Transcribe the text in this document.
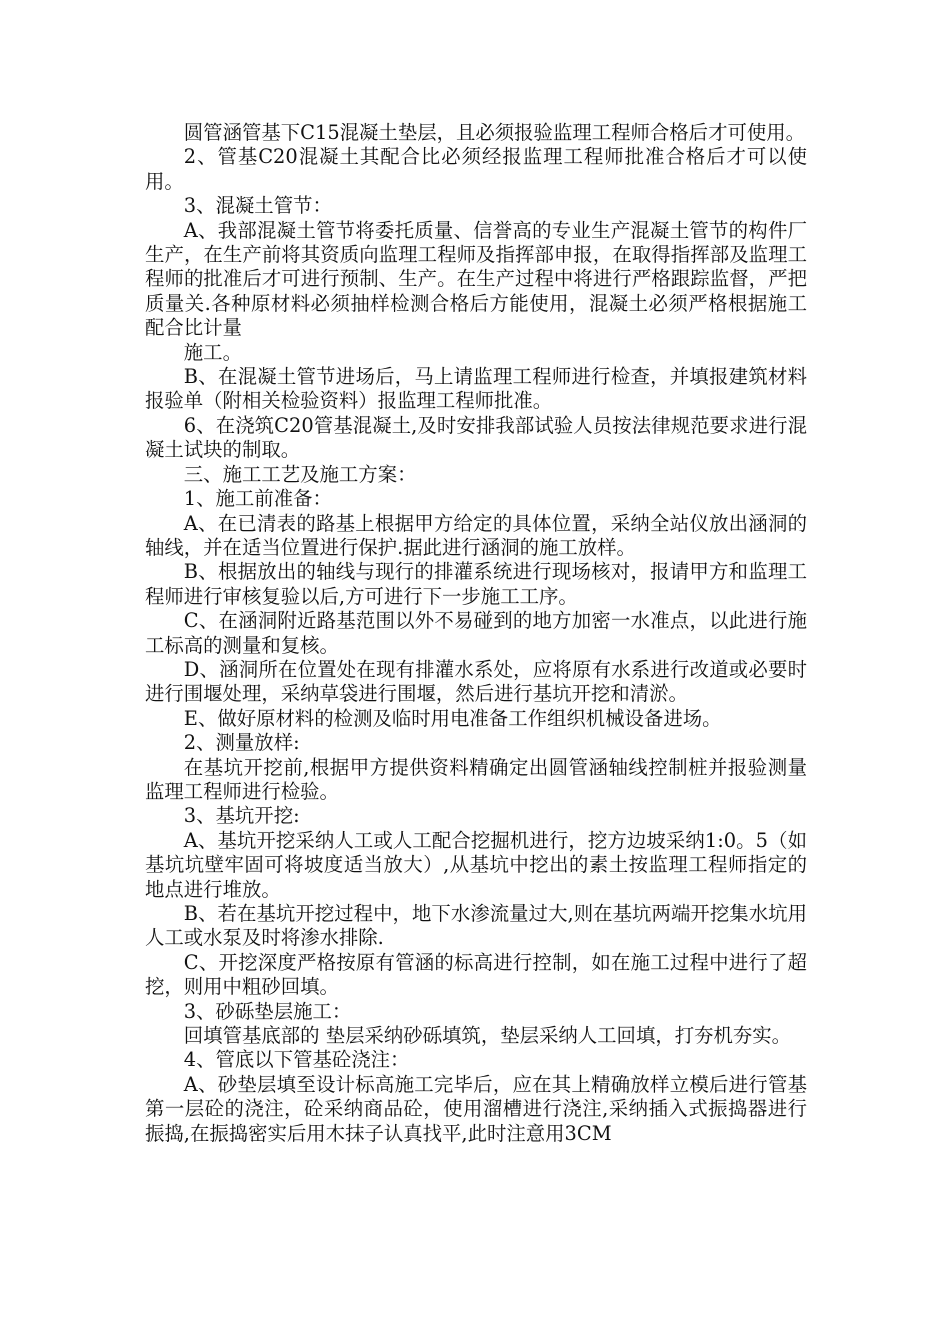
圆管涵管基下C15混凝土垫层，且必须报验监理工程师合格后才可使用。

2、管基C20混凝土其配合比必须经报监理工程师批准合格后才可以使用。

3、混凝土管节：

A、我部混凝土管节将委托质量、信誉高的专业生产混凝土管节的构件厂生产，在生产前将其资质向监理工程师及指挥部申报，在取得指挥部及监理工程师的批准后才可进行预制、生产。在生产过程中将进行严格跟踪监督，严把质量关.各种原材料必须抽样检测合格后方能使用，混凝土必须严格根据施工配合比计量

施工。

B、在混凝土管节进场后，马上请监理工程师进行检查，并填报建筑材料报验单（附相关检验资料）报监理工程师批准。

6、在浇筑C20管基混凝土,及时安排我部试验人员按法律规范要求进行混凝土试块的制取。

三、施工工艺及施工方案：

1、施工前准备：

A、在已清表的路基上根据甲方给定的具体位置，采纳全站仪放出涵洞的轴线，并在适当位置进行保护.据此进行涵洞的施工放样。

B、根据放出的轴线与现行的排灌系统进行现场核对，报请甲方和监理工程师进行审核复验以后,方可进行下一步施工工序。

C、在涵洞附近路基范围以外不易碰到的地方加密一水准点，以此进行施工标高的测量和复核。

D、涵洞所在位置处在现有排灌水系处，应将原有水系进行改道或必要时进行围堰处理，采纳草袋进行围堰，然后进行基坑开挖和清淤。

E、做好原材料的检测及临时用电准备工作组织机械设备进场。

2、测量放样:

在基坑开挖前,根据甲方提供资料精确定出圆管涵轴线控制桩并报验测量监理工程师进行检验。

3、基坑开挖:

A、基坑开挖采纳人工或人工配合挖掘机进行，挖方边坡采纳1:0。5（如基坑坑壁牢固可将坡度适当放大）,从基坑中挖出的素土按监理工程师指定的地点进行堆放。

B、若在基坑开挖过程中，地下水渗流量过大,则在基坑两端开挖集水坑用人工或水泵及时将渗水排除.

C、开挖深度严格按原有管涵的标高进行控制，如在施工过程中进行了超挖，则用中粗砂回填。

3、砂砾垫层施工：

回填管基底部的 垫层采纳砂砾填筑，垫层采纳人工回填，打夯机夯实。

4、管底以下管基砼浇注：

A、砂垫层填至设计标高施工完毕后，应在其上精确放样立模后进行管基第一层砼的浇注，砼采纳商品砼，使用溜槽进行浇注,采纳插入式振捣器进行振捣,在振捣密实后用木抹子认真找平,此时注意用3CM
